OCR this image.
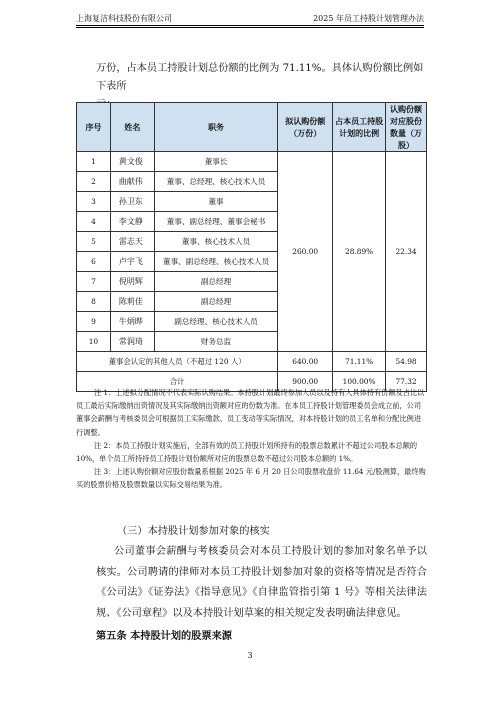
上海复洁科技股份有限公司	2025 年员工持股计划管理办法
万份，占本员工持股计划总份额的比例为 71.11%。具体认购份额比例如下表所
序号	姓名	职务	拟认购份额（万份）	占本员工持股计划的比例	认购份额对应股份数量（万股）
1	黄文俊	董事长	260.00	28.89%	22.34
2	曲献伟	董事、总经理、核心技术人员			
3	孙卫东	董事			
4	李文静	董事、副总经理、董事会秘书			
5	雷志天	董事、核心技术人员			
6	卢宇飞	董事、副总经理、核心技术人员			
7	倪明辉	副总经理			
8	陈莉佳	副总经理			
9	牛炳晔	副总经理、核心技术人员			
10	常润琦	财务总监			
董事会认定的其他人员（不超过 120 人）			640.00	71.11%	54.98
合计			900.00	100.00%	77.32
注 1：上述拟分配情况不代表实际认购结果。本持股计划最终参加人员以及持有人具体持有份额及占比以员工最后实际缴纳出资情况及其实际缴纳出资额对应的份数为准。在本员工持股计划管理委员会成立前，公司董事会薪酬与考核委员会可根据员工实际缴款、员工变动等实际情况，对本持股计划的员工名单和分配比例进行调整。
注 2：本员工持股计划实施后，全部有效的员工持股计划所持有的股票总数累计不超过公司股本总额的 10%，单个员工所持持员工持股计划份额所对应的股票总数不超过公司股本总额的 1%。
注 3：上述认购份额对应股份数量系根据 2025 年 6 月 20 日公司股票收盘价 11.64 元/股测算，最终购买的股票价格及股票数量以实际交易结果为准。
（三）本持股计划参加对象的核实
公司董事会薪酬与考核委员会对本员工持股计划的参加对象名单予以核实。公司聘请的律师对本员工持股计划参加对象的资格等情况是否符合《公司法》《证券法》《指导意见》《自律监管指引第 1 号》等相关法律法规、《公司章程》以及本持股计划草案的相关规定发表明确法律意见。
第五条 本持股计划的股票来源
3
